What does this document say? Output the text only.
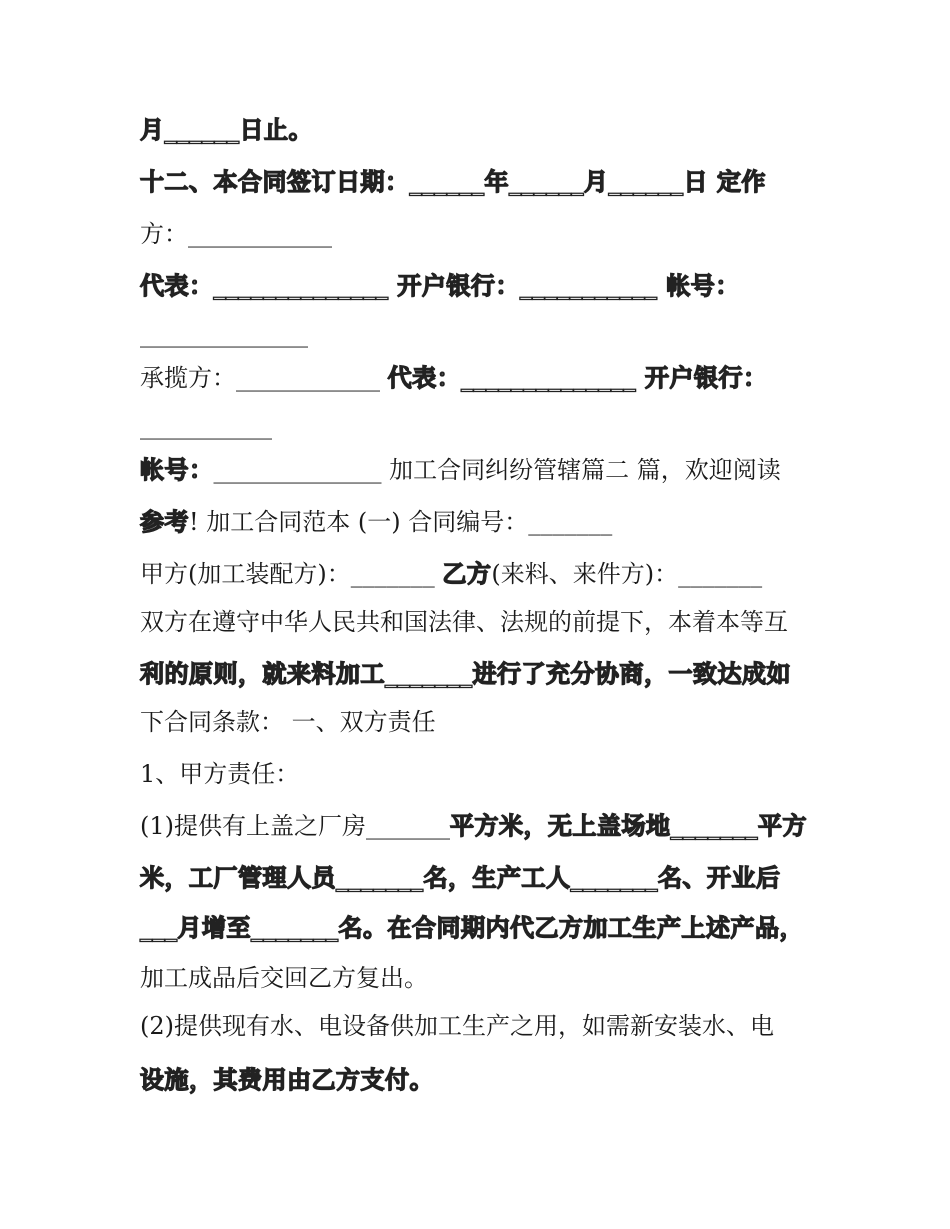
月______日止。
十二、本合同签订日期：______年______月______日 定作
方：____________
代表：______________ 开户银行：___________ 帐号：
______________
承揽方：____________ 代表：______________ 开户银行：
___________
帐号：______________ 加工合同纠纷管辖篇二 篇，欢迎阅读
参考! 加工合同范本 (一) 合同编号：_______
甲方(加工装配方)：_______ 乙方(来料、来件方)：_______
双方在遵守中华人民共和国法律、法规的前提下，本着本等互
利的原则，就来料加工_______进行了充分协商，一致达成如
下合同条款： 一、双方责任
1、甲方责任：
(1)提供有上盖之厂房_______平方米，无上盖场地_______平方
米，工厂管理人员_______名，生产工人_______名、开业后
___月增至_______名。在合同期内代乙方加工生产上述产品，
加工成品后交回乙方复出。
(2)提供现有水、电设备供加工生产之用，如需新安装水、电
设施，其费用由乙方支付。
